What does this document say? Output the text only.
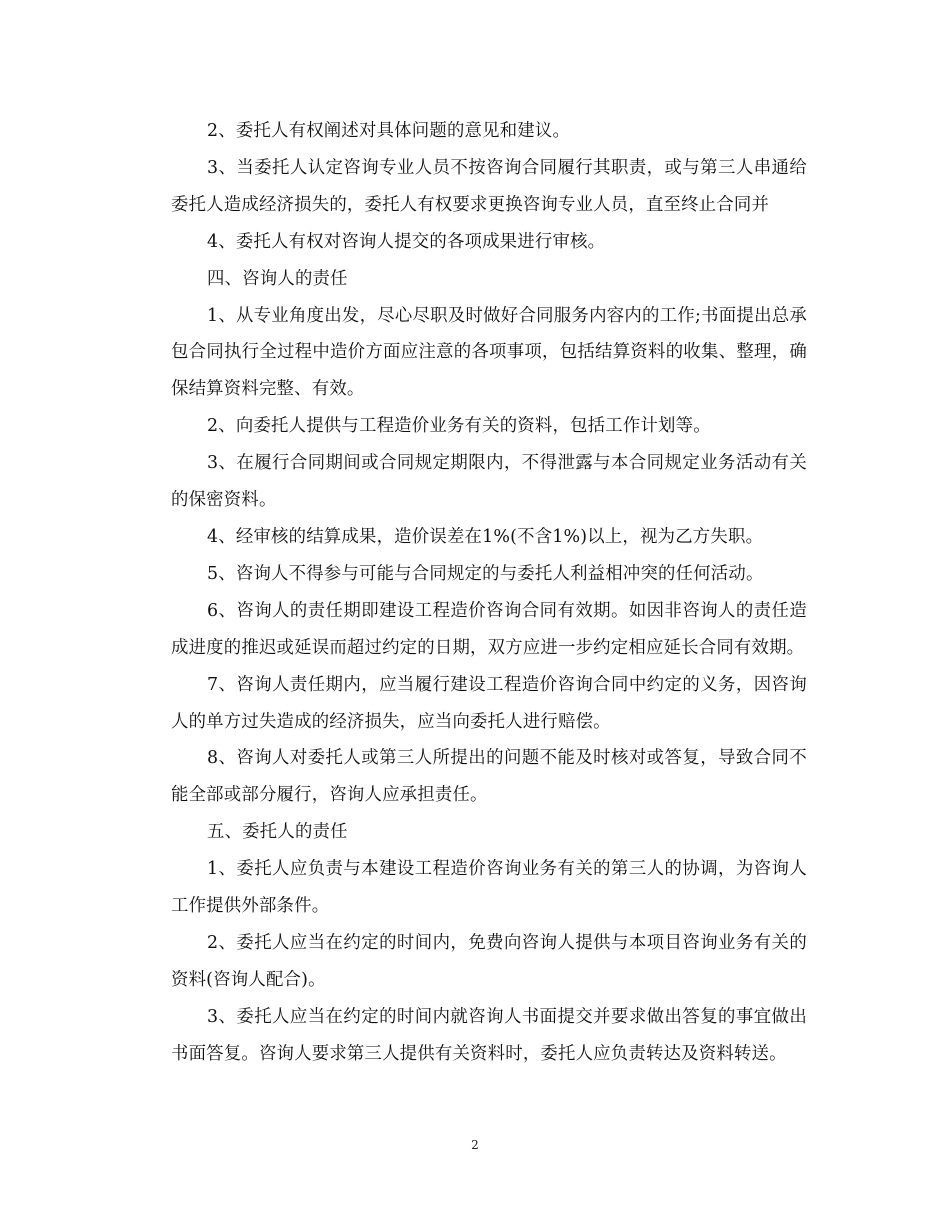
2、委托人有权阐述对具体问题的意见和建议。

3、当委托人认定咨询专业人员不按咨询合同履行其职责，或与第三人串通给委托人造成经济损失的，委托人有权要求更换咨询专业人员，直至终止合同并

4、委托人有权对咨询人提交的各项成果进行审核。

四、咨询人的责任

1、从专业角度出发，尽心尽职及时做好合同服务内容内的工作;书面提出总承包合同执行全过程中造价方面应注意的各项事项，包括结算资料的收集、整理，确保结算资料完整、有效。

2、向委托人提供与工程造价业务有关的资料，包括工作计划等。

3、在履行合同期间或合同规定期限内，不得泄露与本合同规定业务活动有关的保密资料。

4、经审核的结算成果，造价误差在1%(不含1%)以上，视为乙方失职。

5、咨询人不得参与可能与合同规定的与委托人利益相冲突的任何活动。

6、咨询人的责任期即建设工程造价咨询合同有效期。如因非咨询人的责任造成进度的推迟或延误而超过约定的日期，双方应进一步约定相应延长合同有效期。

7、咨询人责任期内，应当履行建设工程造价咨询合同中约定的义务，因咨询人的单方过失造成的经济损失，应当向委托人进行赔偿。

8、咨询人对委托人或第三人所提出的问题不能及时核对或答复，导致合同不能全部或部分履行，咨询人应承担责任。

五、委托人的责任

1、委托人应负责与本建设工程造价咨询业务有关的第三人的协调，为咨询人工作提供外部条件。

2、委托人应当在约定的时间内，免费向咨询人提供与本项目咨询业务有关的资料(咨询人配合)。

3、委托人应当在约定的时间内就咨询人书面提交并要求做出答复的事宜做出书面答复。咨询人要求第三人提供有关资料时，委托人应负责转达及资料转送。

2
